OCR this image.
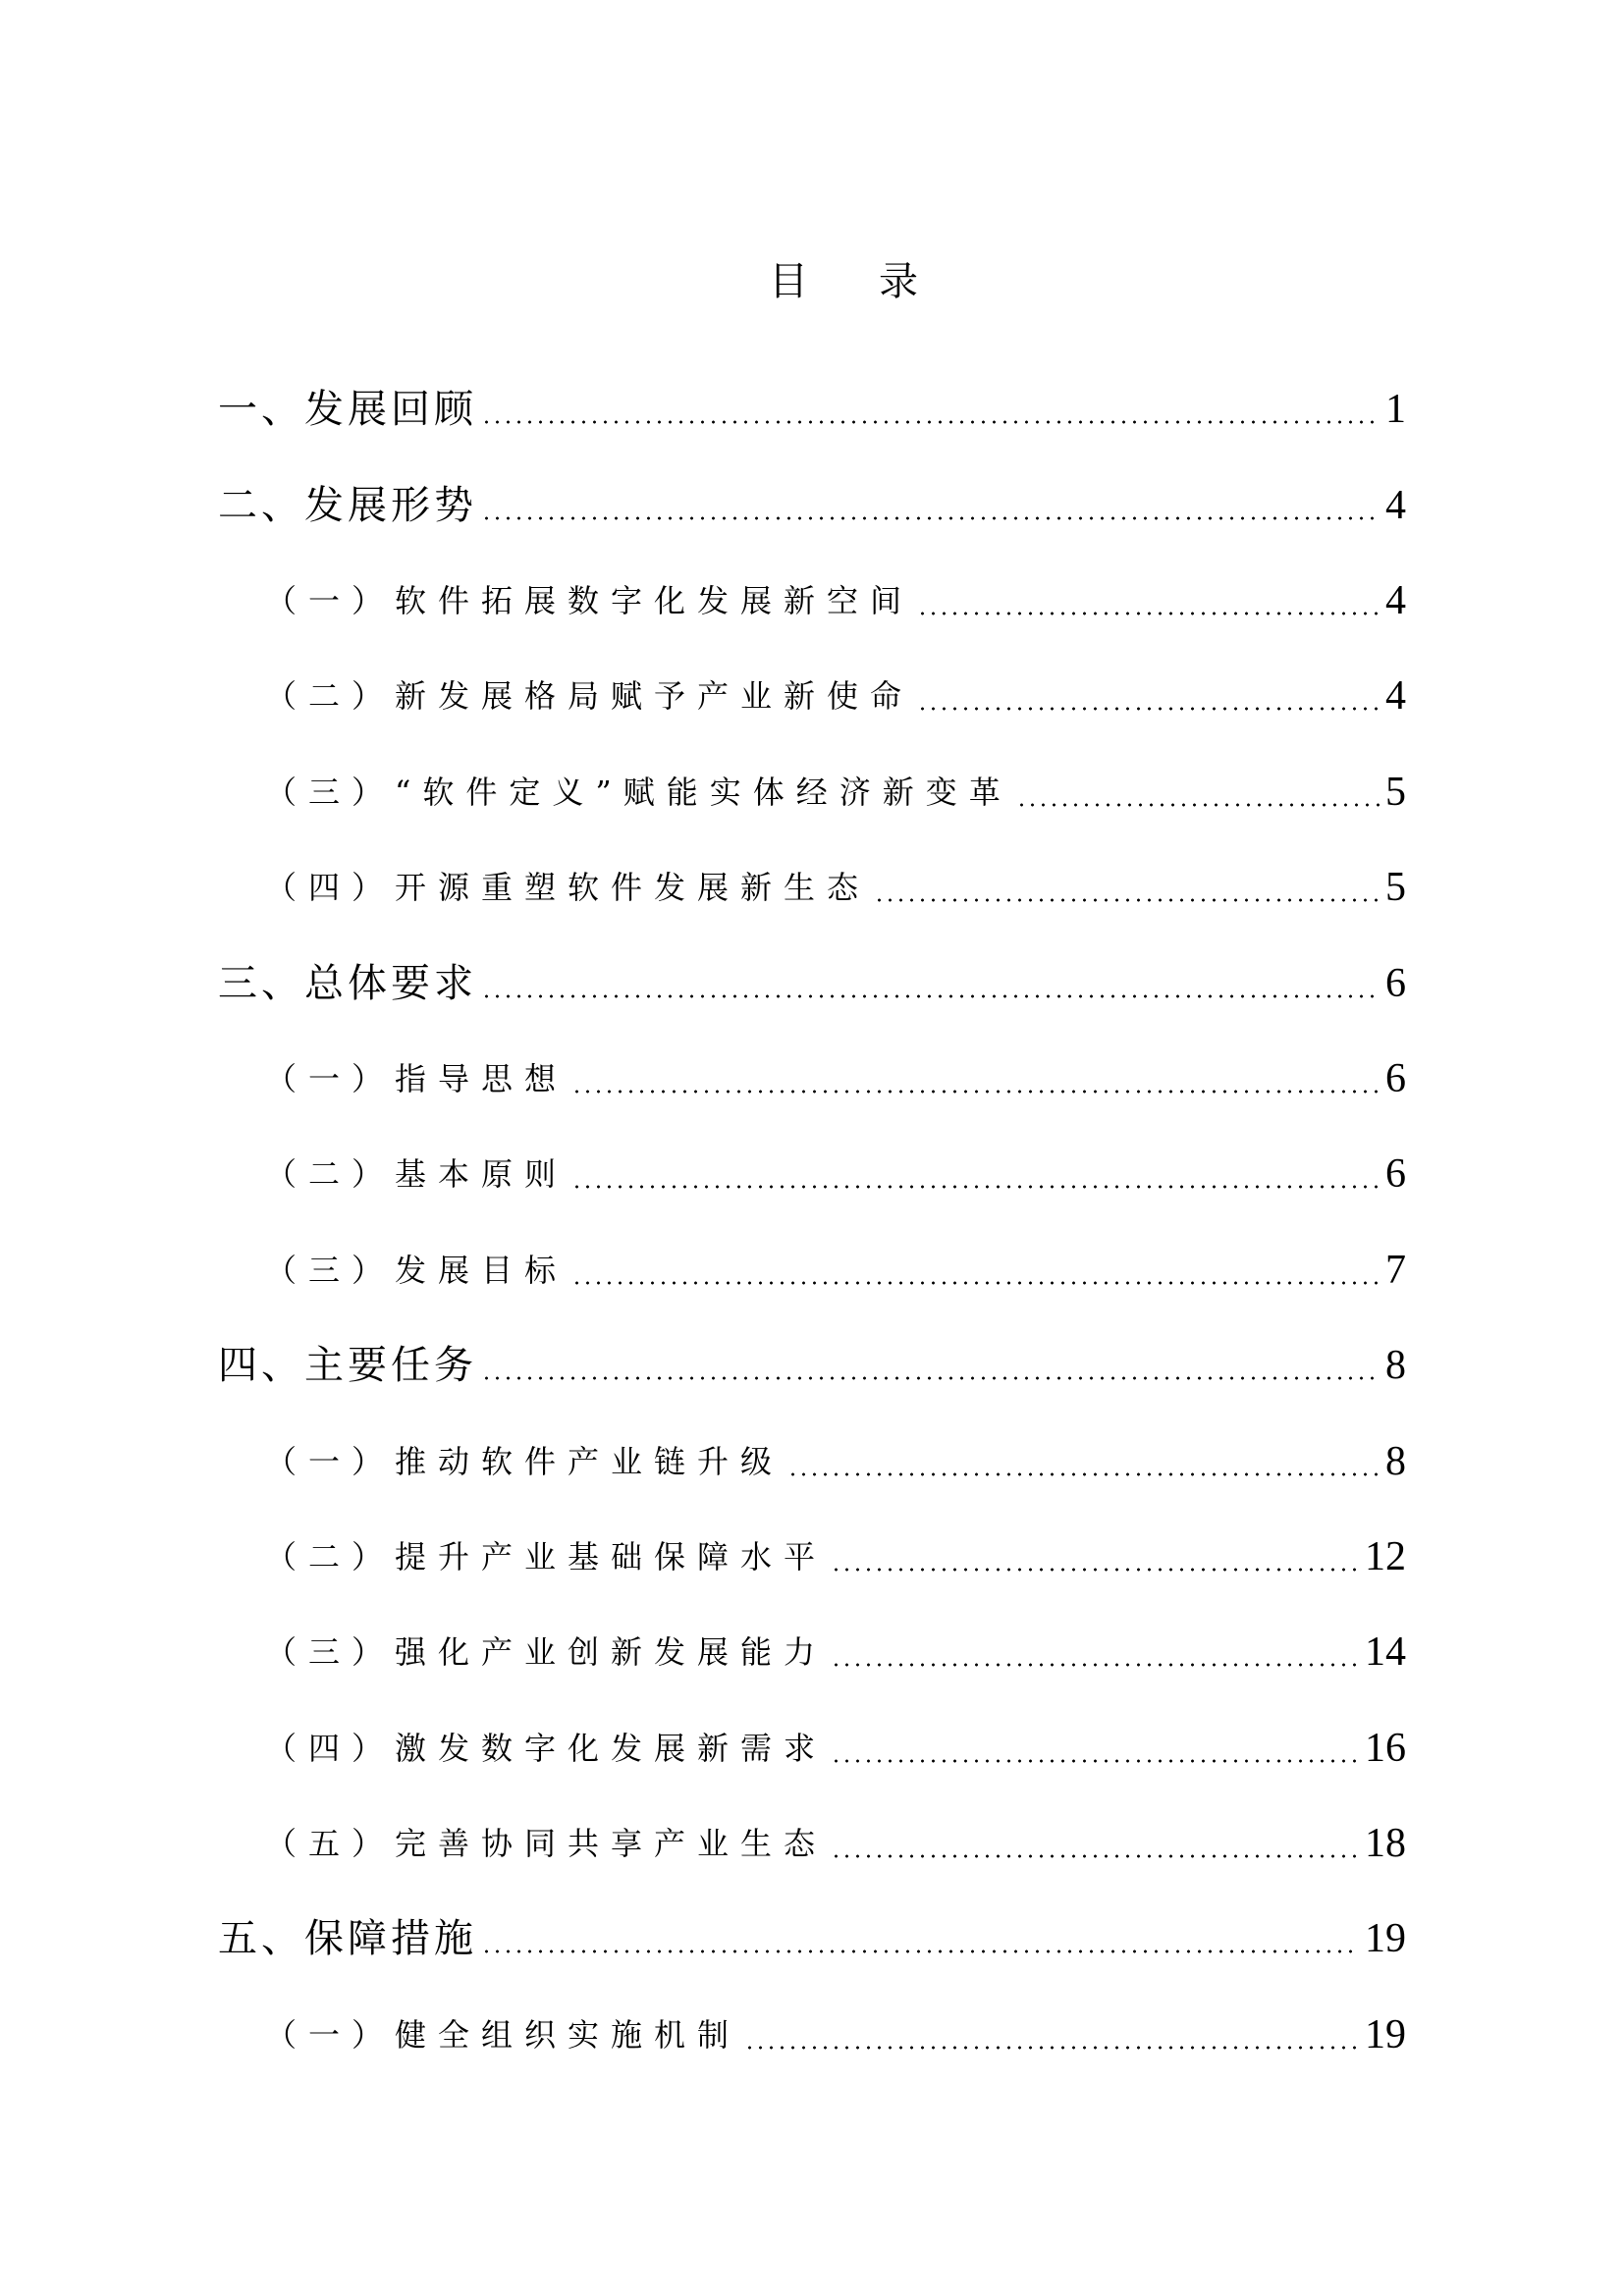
目 录
一、发展回顾	1
二、发展形势	4
（一）软件拓展数字化发展新空间	4
（二）新发展格局赋予产业新使命	4
（三）“软件定义”赋能实体经济新变革	5
（四）开源重塑软件发展新生态	5
三、总体要求	6
（一）指导思想	6
（二）基本原则	6
（三）发展目标	7
四、主要任务	8
（一）推动软件产业链升级	8
（二）提升产业基础保障水平	12
（三）强化产业创新发展能力	14
（四）激发数字化发展新需求	16
（五）完善协同共享产业生态	18
五、保障措施	19
（一）健全组织实施机制	19
